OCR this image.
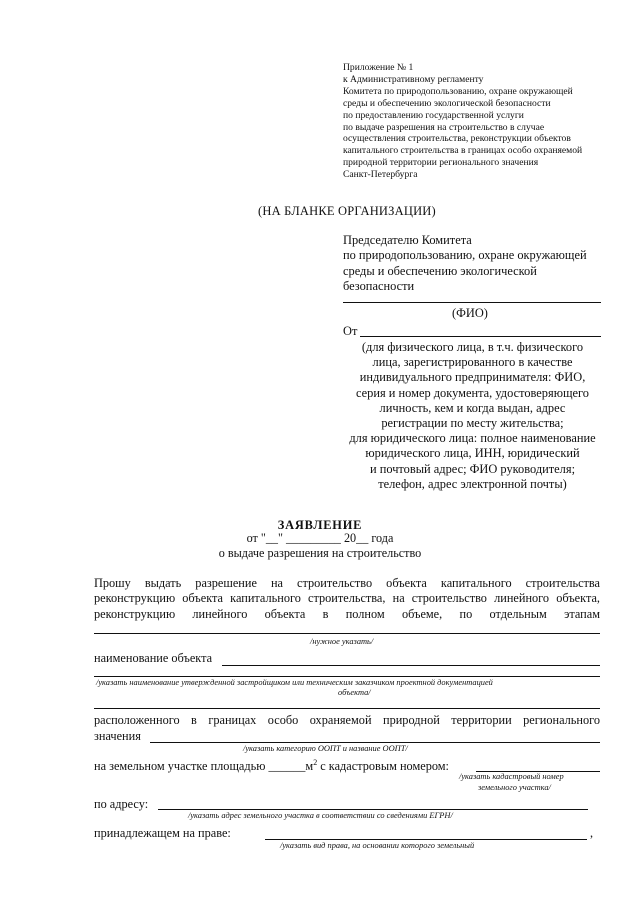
Приложение № 1
к Административному регламенту
Комитета по природопользованию, охране окружающей
среды и обеспечению экологической безопасности
по предоставлению государственной услуги
по выдаче разрешения на строительство в случае
осуществления строительства, реконструкции объектов
капитального строительства в границах особо охраняемой
природной территории регионального значения
Санкт-Петербурга
(НА БЛАНКЕ ОРГАНИЗАЦИИ)
Председателю Комитета
по природопользованию, охране окружающей
среды и обеспечению экологической
безопасности
(ФИО)
От
(для физического лица, в т.ч. физического
лица, зарегистрированного в качестве
индивидуального предпринимателя: ФИО,
серия и номер документа, удостоверяющего
личность, кем и когда выдан, адрес
регистрации по месту жительства;
для юридического лица: полное наименование
юридического лица, ИНН, юридический
и почтовый адрес; ФИО руководителя;
телефон, адрес электронной почты)
ЗАЯВЛЕНИЕ
от "__" _________ 20__ года
о выдаче разрешения на строительство
Прошу выдать разрешение на строительство объекта капитального строительства
реконструкцию объекта капитального строительства, на строительство линейного объекта,
реконструкцию линейного объекта в полном объеме, по отдельным этапам
/нужное указать/
наименование объекта
/указать наименование утвержденной застройщиком или техническим заказчиком проектной документацией
объекта/
расположенного в границах особо охраняемой природной территории регионального
значения
/указать категорию ООПТ и название ООПТ/
на земельном участке площадью $\_\_\_\_\_\_м^2$ с кадастровым номером:
/указать кадастровый номер
земельного участка/
по адресу:
/указать адрес земельного участка в соответствии со сведениями ЕГРН/
принадлежащем на праве:	,
/указать вид права, на основании которого земельный
